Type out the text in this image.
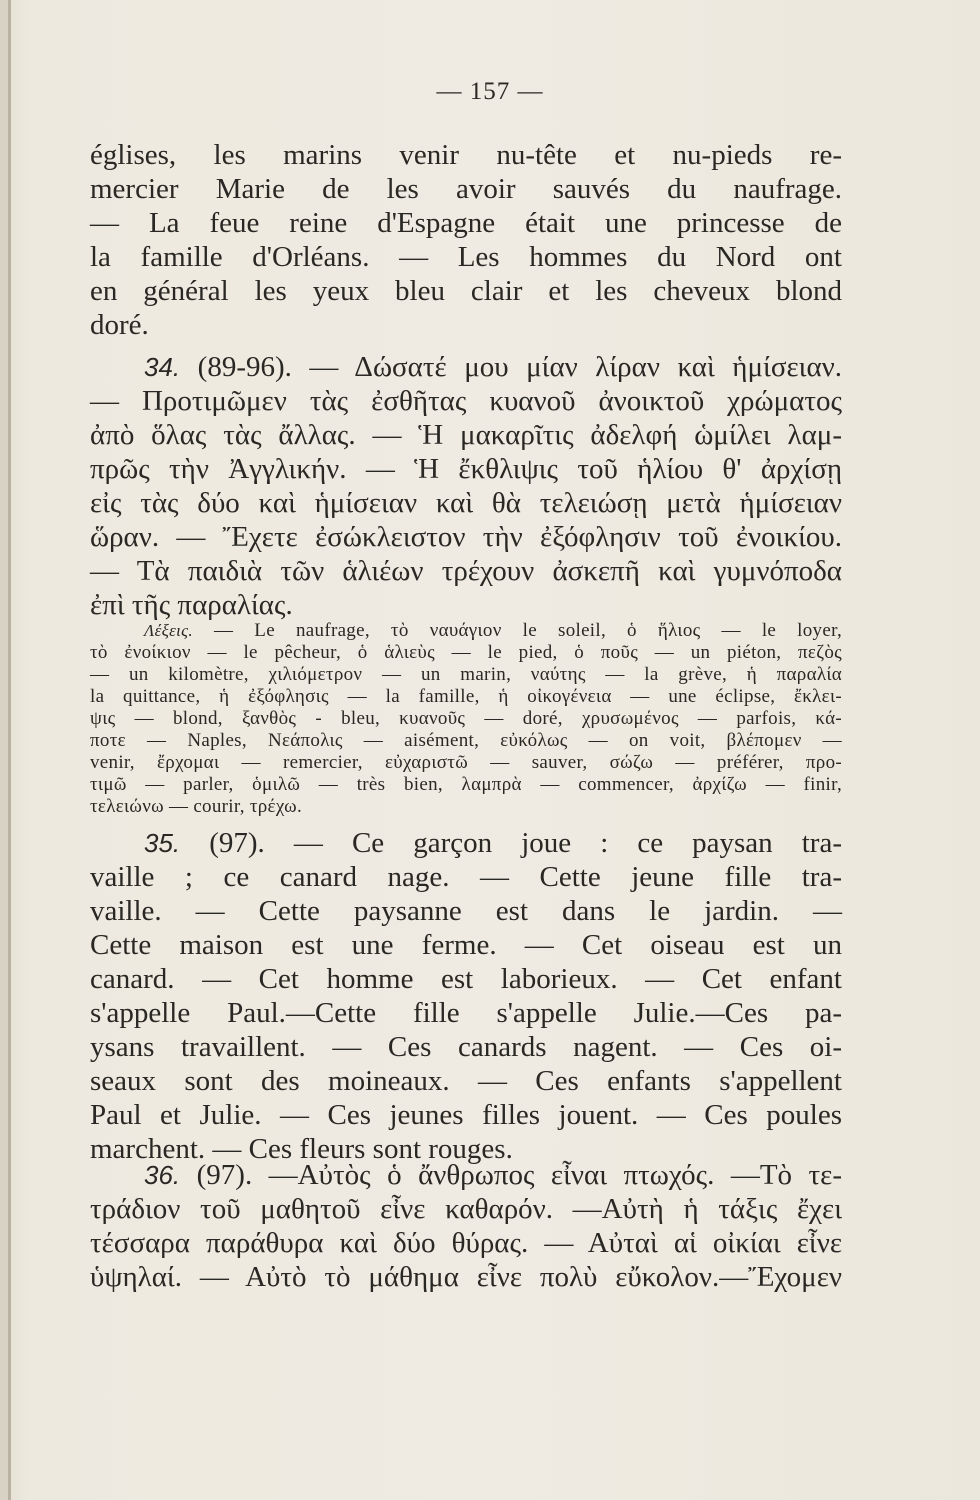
— 157 —
églises, les marins venir nu-tête et nu-pieds re-
mercier Marie de les avoir sauvés du naufrage.
— La feue reine d'Espagne était une princesse de
la famille d'Orléans. — Les hommes du Nord ont
en général les yeux bleu clair et les cheveux blond
doré.
34. (89-96). — Δώσατέ μου μίαν λίραν καὶ ἡμίσειαν.
— Προτιμῶμεν τὰς ἐσθῆτας κυανοῦ ἀνοικτοῦ χρώματος
ἀπὸ ὅλας τὰς ἄλλας. — Ἡ μακαρῖτις ἀδελφή ὡμίλει λαμ-
πρῶς τὴν Ἀγγλικήν. — Ἡ ἔκθλιψις τοῦ ἡλίου θ' ἀρχίσῃ
εἰς τὰς δύο καὶ ἡμίσειαν καὶ θὰ τελειώσῃ μετὰ ἡμίσειαν
ὥραν. — Ἔχετε ἐσώκλειστον τὴν ἐξόφλησιν τοῦ ἐνοικίου.
— Τὰ παιδιὰ τῶν ἁλιέων τρέχουν ἀσκεπῆ καὶ γυμνόποδα
ἐπὶ τῆς παραλίας.
Λέξεις. — Le naufrage, τὸ ναυάγιον le soleil, ὁ ἥλιος — le loyer,
τὸ ἐνοίκιον — le pêcheur, ὁ ἁλιεὺς — le pied, ὁ ποῦς — un piéton, πεζὸς
— un kilomètre, χιλιόμετρον — un marin, ναύτης — la grève, ἡ παραλία
la quittance, ἡ ἐξόφλησις — la famille, ἡ οἰκογένεια — une éclipse, ἔκλει-
ψις — blond, ξανθὸς - bleu, κυανοῦς — doré, χρυσωμένος — parfois, κά-
ποτε — Naples, Νεάπολις — aisément, εὐκόλως — on voit, βλέπομεν —
venir, ἔρχομαι — remercier, εὐχαριστῶ — sauver, σώζω — préférer, προ-
τιμῶ — parler, ὁμιλῶ — très bien, λαμπρὰ — commencer, ἀρχίζω — finir,
τελειώνω — courir, τρέχω.
35. (97). — Ce garçon joue : ce paysan tra-
vaille ; ce canard nage. — Cette jeune fille tra-
vaille. — Cette paysanne est dans le jardin. —
Cette maison est une ferme. — Cet oiseau est un
canard. — Cet homme est laborieux. — Cet enfant
s'appelle Paul.—Cette fille s'appelle Julie.—Ces pa-
ysans travaillent. — Ces canards nagent. — Ces oi-
seaux sont des moineaux. — Ces enfants s'appellent
Paul et Julie. — Ces jeunes filles jouent. — Ces poules
marchent. — Ces fleurs sont rouges.
36. (97). —Αὐτὸς ὁ ἄνθρωπος εἶναι πτωχός. —Τὸ τε-
τράδιον τοῦ μαθητοῦ εἶνε καθαρόν. —Αὐτὴ ἡ τάξις ἔχει
τέσσαρα παράθυρα καὶ δύο θύρας. — Αὐταὶ αἱ οἰκίαι εἶνε
ὑψηλαί. — Αὐτὸ τὸ μάθημα εἶνε πολὺ εὔκολον.—Ἔχομεν
